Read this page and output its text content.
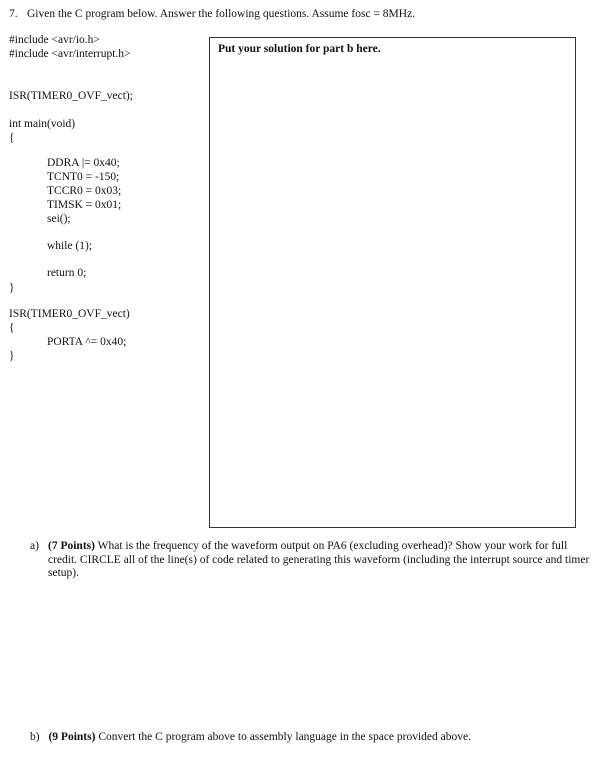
7. Given the C program below. Answer the following questions. Assume fosc = 8MHz.
#include <avr/io.h>
#include <avr/interrupt.h>
ISR(TIMER0_OVF_vect);
int main(void)
{
DDRA |= 0x40;
TCNT0 = -150;
TCCR0 = 0x03;
TIMSK = 0x01;
sei();
while (1);
return 0;
}
ISR(TIMER0_OVF_vect)
{
PORTA ^= 0x40;
}
Put your solution for part b here.
a) (7 Points) What is the frequency of the waveform output on PA6 (excluding overhead)? Show your work for full credit. CIRCLE all of the line(s) of code related to generating this waveform (including the interrupt source and timer setup).
b) (9 Points) Convert the C program above to assembly language in the space provided above.
